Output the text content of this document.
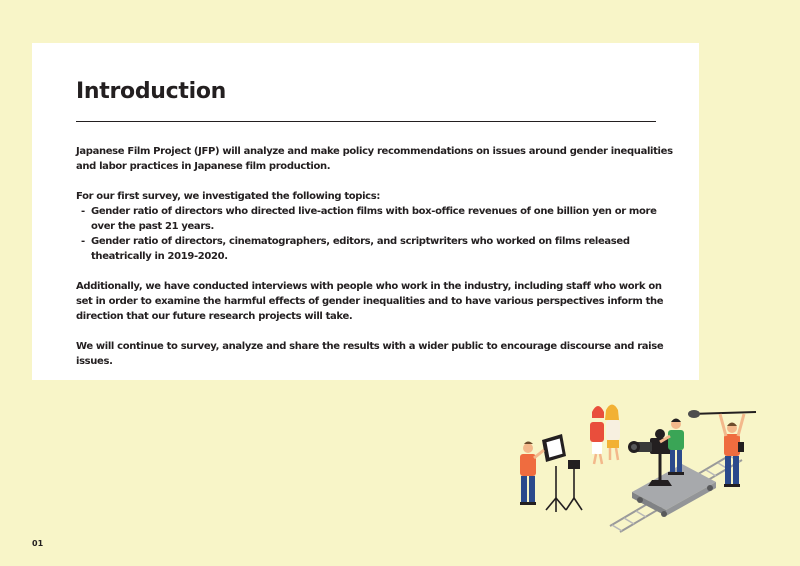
Introduction

Japanese Film Project (JFP) will analyze and make policy recommendations on issues around gender inequalities and labor practices in Japanese film production.

For our first survey, we investigated the following topics:
- Gender ratio of directors who directed live-action films with box-office revenues of one billion yen or more over the past 21 years.
- Gender ratio of directors, cinematographers, editors, and scriptwriters who worked on films released theatrically in 2019-2020.

Additionally, we have conducted interviews with people who work in the industry, including staff who work on set in order to examine the harmful effects of gender inequalities and to have various perspectives inform the direction that our future research projects will take.

We will continue to survey, analyze and share the results with a wider public to encourage discourse and raise issues.

01
